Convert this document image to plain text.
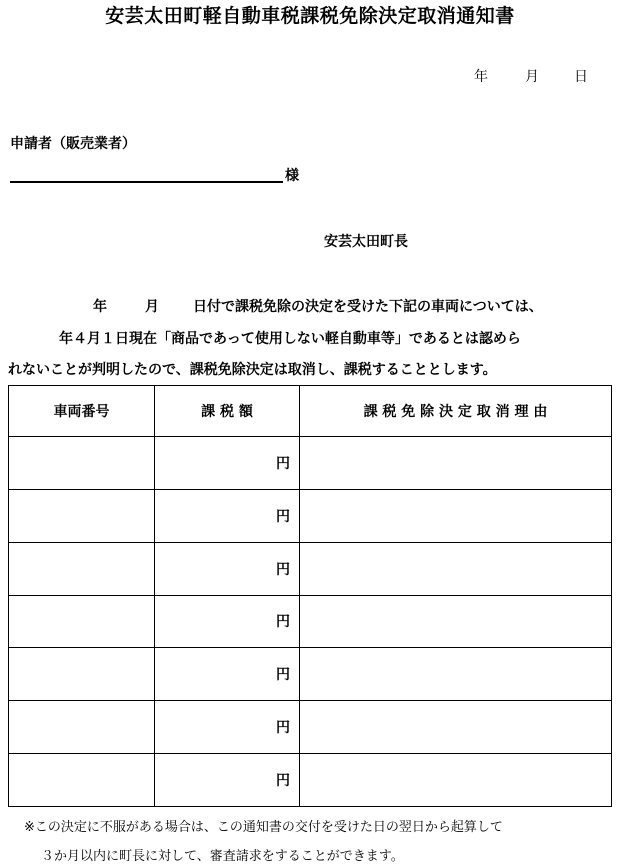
安芸太田町軽自動車税課税免除決定取消通知書
年	月	日
申請者（販売業者）
様
安芸太田町長
年	月 日付で課税免除の決定を受けた下記の車両については、
年４月１日現在「商品であって使用しない軽自動車等」であるとは認めら
れないことが判明したので、課税免除決定は取消し、課税することとします。
車両番号	課 税 額	課 税 免 除 決 定 取 消 理 由
	円	
	円	
	円	
	円	
	円	
	円	
	円	
※この決定に不服がある場合は、この通知書の交付を受けた日の翌日から起算して
３か月以内に町長に対して、審査請求をすることができます。
